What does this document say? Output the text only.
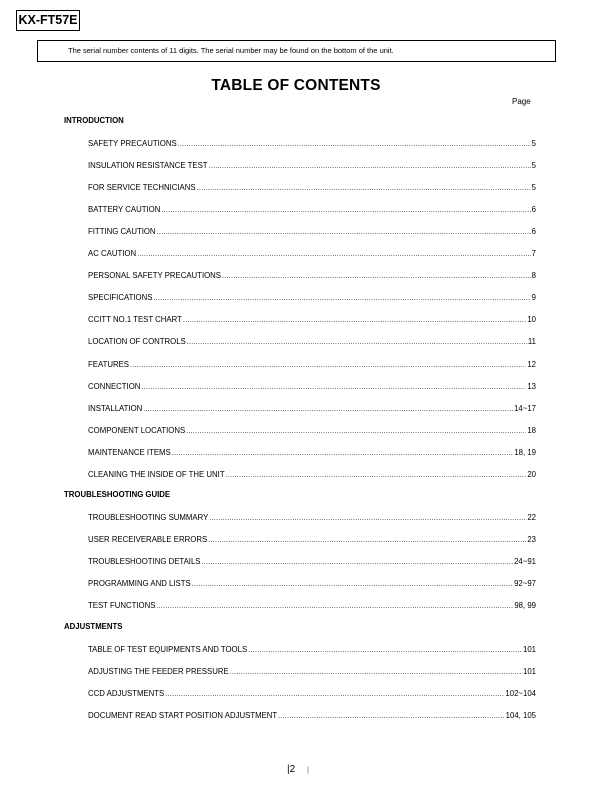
KX-FT57E
The serial number contents of 11 digits. The serial number may be found on the bottom of the unit.
TABLE OF CONTENTS
Page
INTRODUCTION
SAFETY PRECAUTIONS .....	5
INSULATION RESISTANCE TEST .....	5
FOR SERVICE TECHNICIANS .....	5
BATTERY CAUTION .....	6
FITTING CAUTION .....	6
AC CAUTION .....	7
PERSONAL SAFETY PRECAUTIONS .....	8
SPECIFICATIONS .....	9
CCITT NO.1 TEST CHART .....	10
LOCATION OF CONTROLS .....	11
FEATURES .....	12
CONNECTION .....	13
INSTALLATION .....	14~17
COMPONENT LOCATIONS .....	18
MAINTENANCE ITEMS .....	18, 19
CLEANING THE INSIDE OF THE UNIT .....	20
TROUBLESHOOTING GUIDE
TROUBLESHOOTING SUMMARY .....	22
USER RECEIVERABLE ERRORS .....	23
TROUBLESHOOTING DETAILS .....	24~91
PROGRAMMING AND LISTS .....	92~97
TEST FUNCTIONS .....	98, 99
ADJUSTMENTS
TABLE OF TEST EQUIPMENTS AND TOOLS .....	101
ADJUSTING THE FEEDER PRESSURE .....	101
CCD ADJUSTMENTS .....	102~104
DOCUMENT READ START POSITION ADJUSTMENT .....	104, 105
|2 |
